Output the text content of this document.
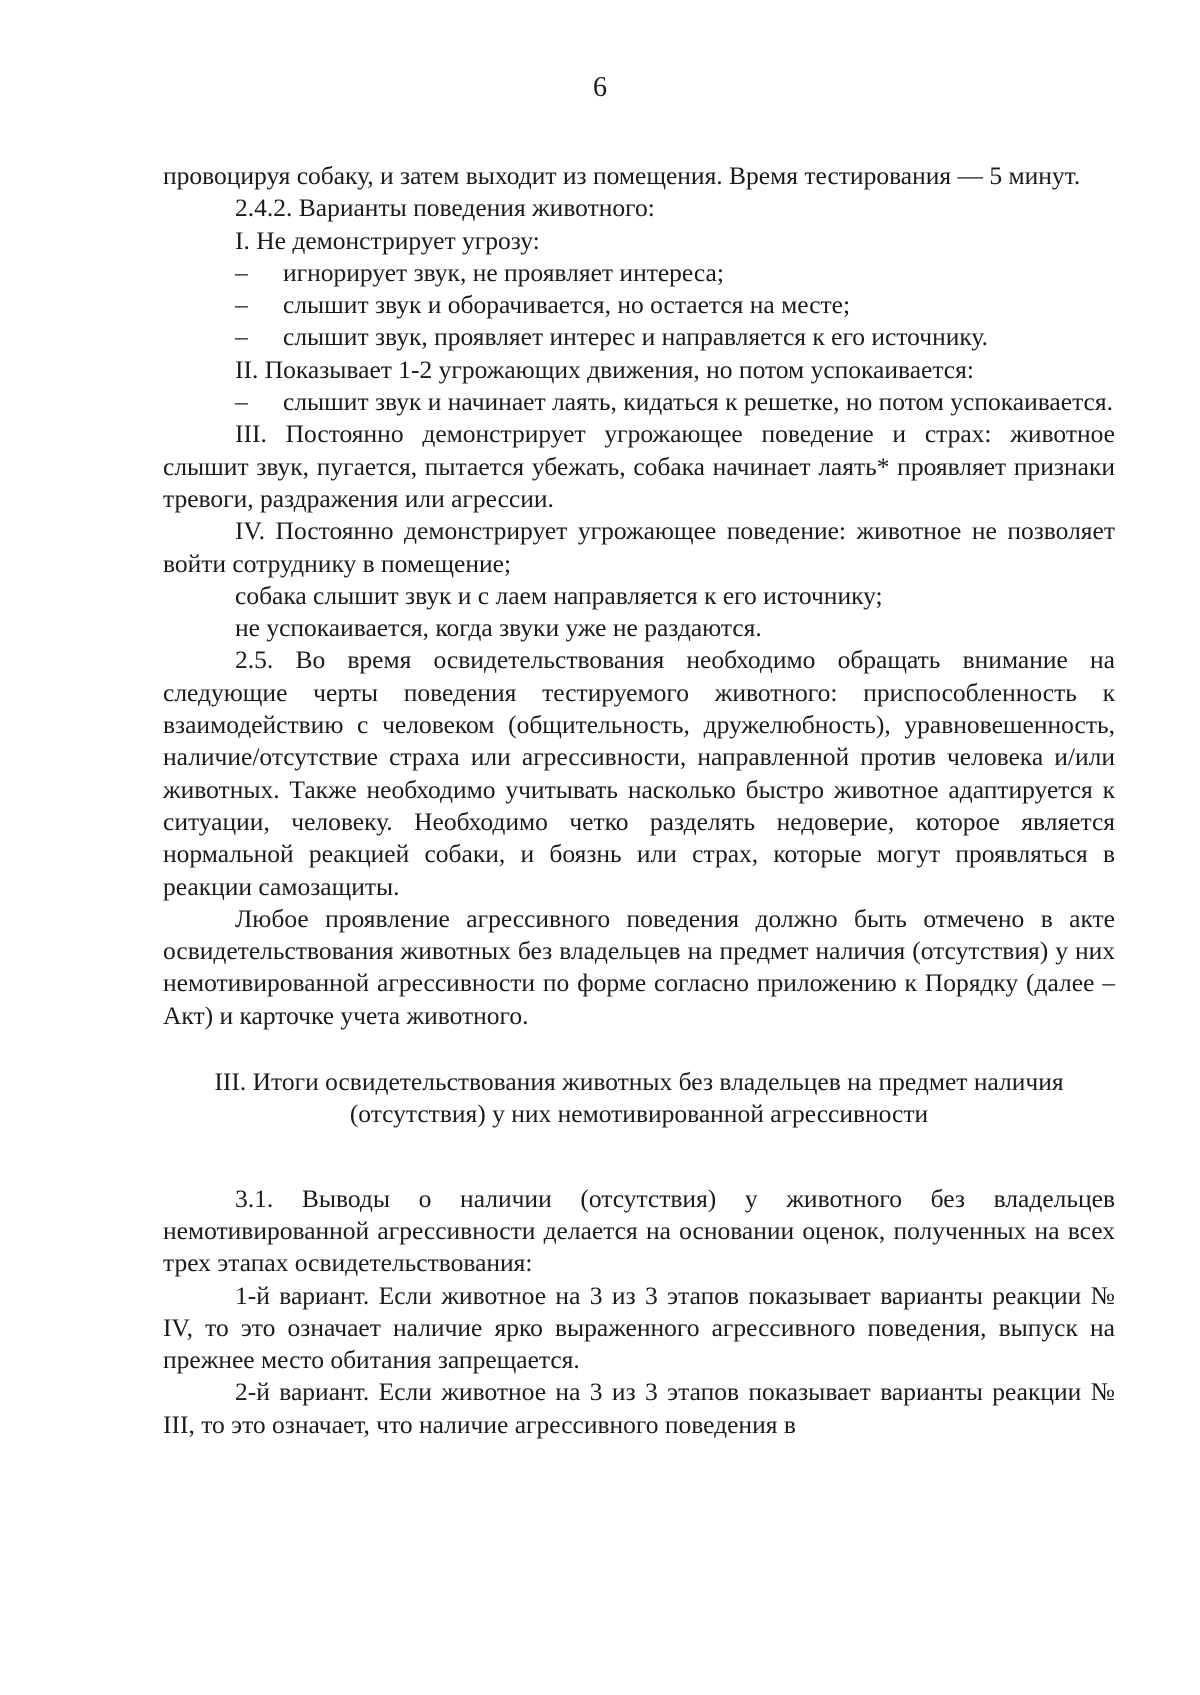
6

провоцируя собаку, и затем выходит из помещения. Время тестирования — 5 минут.

2.4.2. Варианты поведения животного:

I. Не демонстрирует угрозу:

–	игнорирует звук, не проявляет интереса;
–	слышит звук и оборачивается, но остается на месте;
–	слышит звук, проявляет интерес и направляется к его источнику.

II. Показывает 1-2 угрожающих движения, но потом успокаивается:

– слышит звук и начинает лаять, кидаться к решетке, но потом успокаивается.

III. Постоянно демонстрирует угрожающее поведение и страх: животное слышит звук, пугается, пытается убежать, собака начинает лаять* проявляет признаки тревоги, раздражения или агрессии.

IV. Постоянно демонстрирует угрожающее поведение: животное не позволяет войти сотруднику в помещение;

собака слышит звук и с лаем направляется к его источнику;

не успокаивается, когда звуки уже не раздаются.

2.5. Во время освидетельствования необходимо обращать внимание на следующие черты поведения тестируемого животного: приспособленность к взаимодействию с человеком (общительность, дружелюбность), уравновешенность, наличие/отсутствие страха или агрессивности, направленной против человека и/или животных. Также необходимо учитывать насколько быстро животное адаптируется к ситуации, человеку. Необходимо четко разделять недоверие, которое является нормальной реакцией собаки, и боязнь или страх, которые могут проявляться в реакции самозащиты.

Любое проявление агрессивного поведения должно быть отмечено в акте освидетельствования животных без владельцев на предмет наличия (отсутствия) у них немотивированной агрессивности по форме согласно приложению к Порядку (далее – Акт) и карточке учета животного.

III. Итоги освидетельствования животных без владельцев на предмет наличия (отсутствия) у них немотивированной агрессивности

3.1. Выводы о наличии (отсутствия) у животного без владельцев немотивированной агрессивности делается на основании оценок, полученных на всех трех этапах освидетельствования:

1-й вариант. Если животное на 3 из 3 этапов показывает варианты реакции № IV, то это означает наличие ярко выраженного агрессивного поведения, выпуск на прежнее место обитания запрещается.

2-й вариант. Если животное на 3 из 3 этапов показывает варианты реакции № III, то это означает, что наличие агрессивного поведения в
